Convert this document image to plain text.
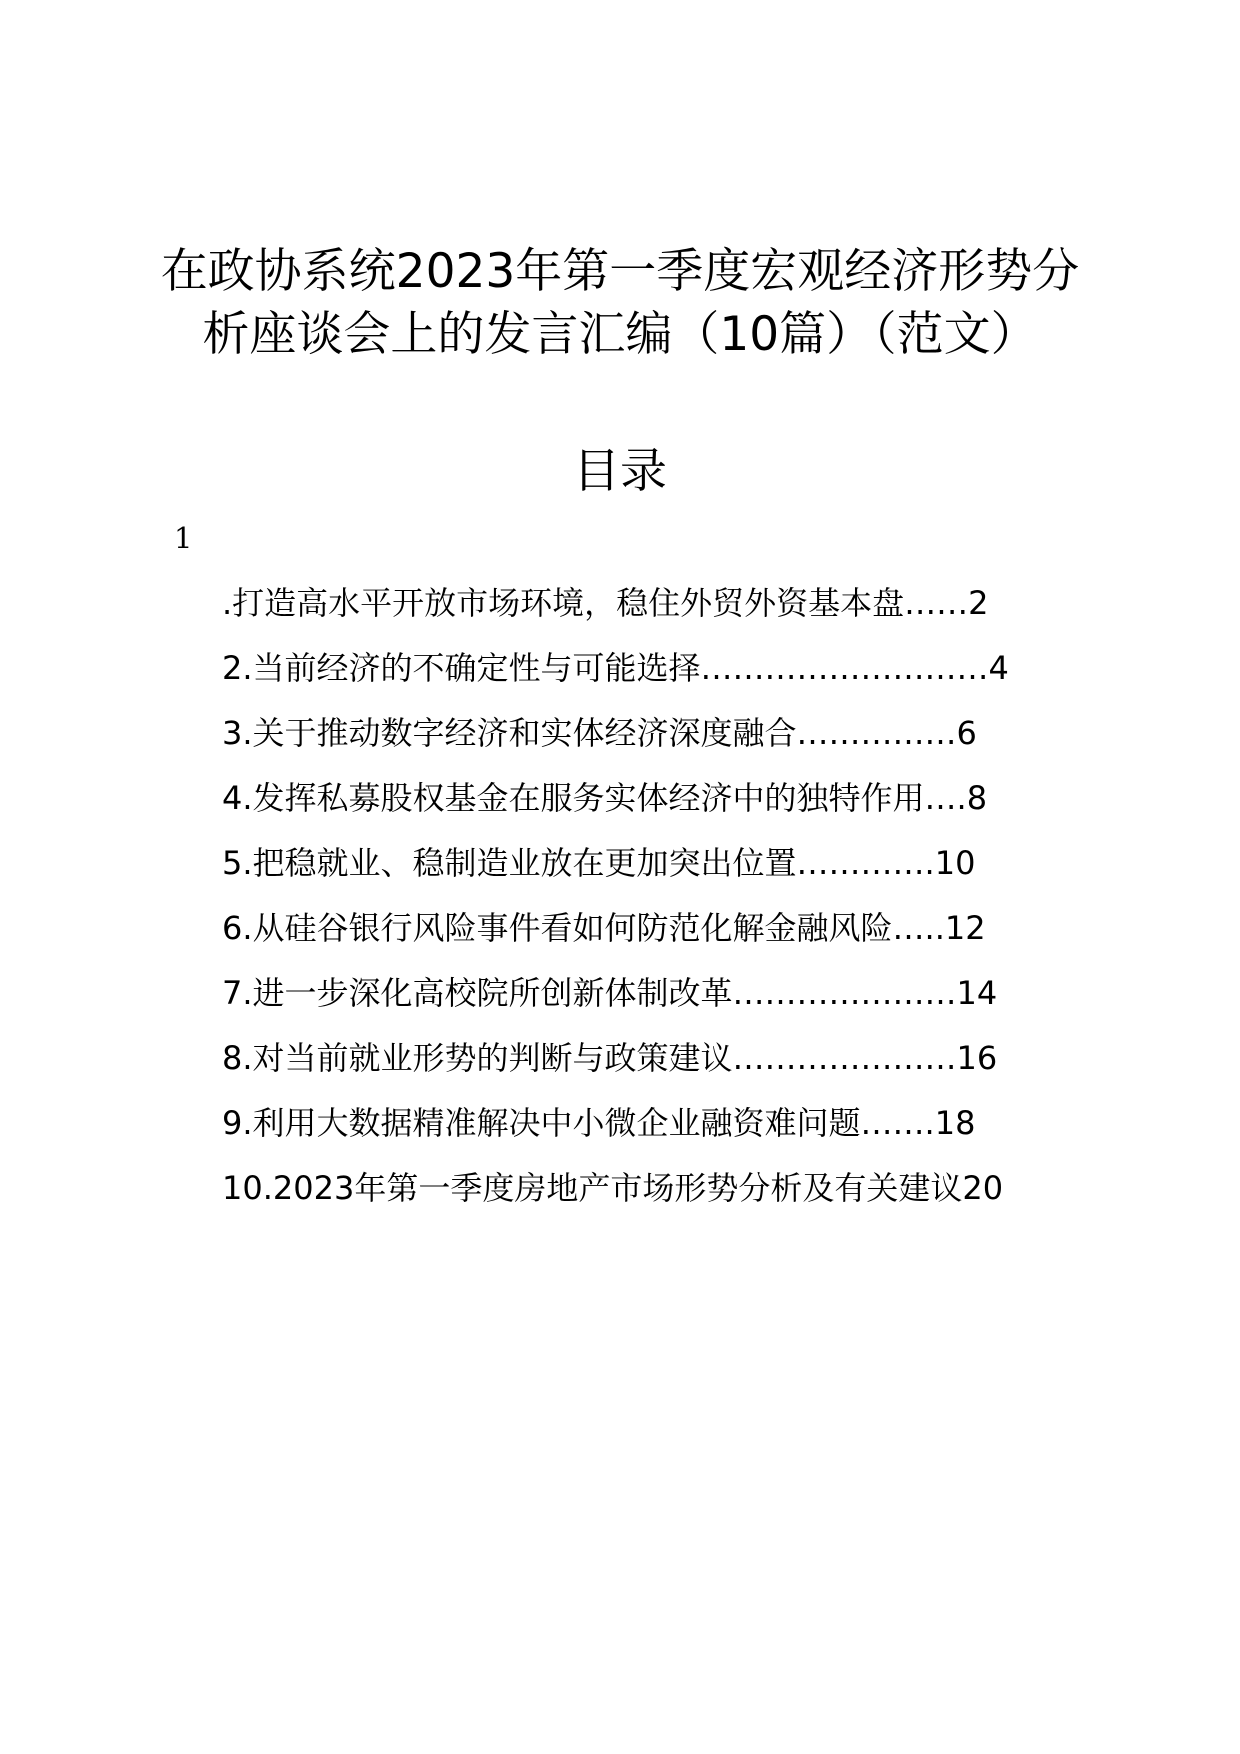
在政协系统2023年第一季度宏观经济形势分
析座谈会上的发言汇编（10篇）（范文）
目录
1
.打造高水平开放市场环境，稳住外贸外资基本盘……2
2.当前经济的不确定性与可能选择………………………4
3.关于推动数字经济和实体经济深度融合……………6
4.发挥私募股权基金在服务实体经济中的独特作用….8
5.把稳就业、稳制造业放在更加突出位置………….10
6.从硅谷银行风险事件看如何防范化解金融风险…..12
7.进一步深化高校院所创新体制改革…………………14
8.对当前就业形势的判断与政策建议…………………16
9.利用大数据精准解决中小微企业融资难问题…….18
10.2023年第一季度房地产市场形势分析及有关建议20
